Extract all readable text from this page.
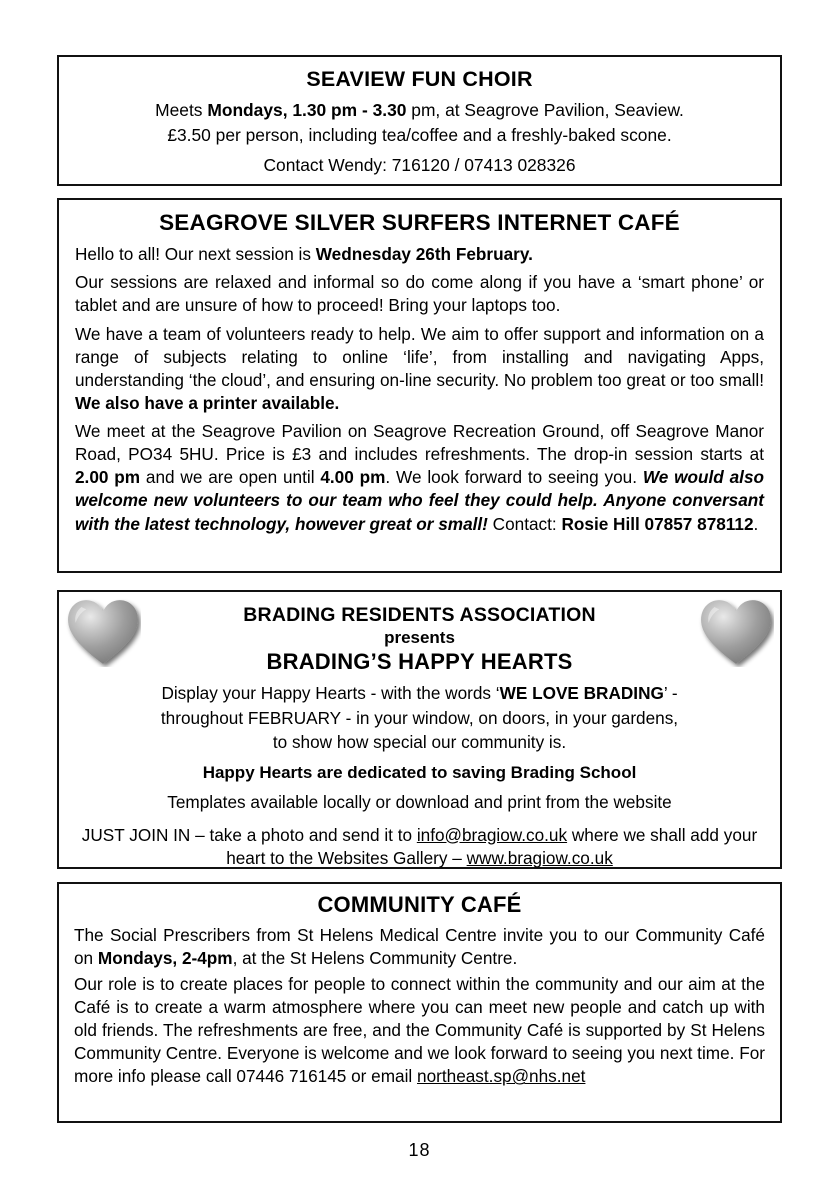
SEAVIEW FUN CHOIR

Meets Mondays, 1.30 pm - 3.30 pm, at Seagrove Pavilion, Seaview.

£3.50 per person, including tea/coffee and a freshly-baked scone.

Contact Wendy: 716120 / 07413 028326

SEAGROVE SILVER SURFERS INTERNET CAFÉ

Hello to all! Our next session is Wednesday 26th February.

Our sessions are relaxed and informal so do come along if you have a ‘smart phone’ or tablet and are unsure of how to proceed! Bring your laptops too.

We have a team of volunteers ready to help. We aim to offer support and information on a range of subjects relating to online ‘life’, from installing and navigating Apps, understanding ‘the cloud’, and ensuring on-line security. No problem too great or too small! We also have a printer available.

We meet at the Seagrove Pavilion on Seagrove Recreation Ground, off Seagrove Manor Road, PO34 5HU. Price is £3 and includes refreshments. The drop-in session starts at 2.00 pm and we are open until 4.00 pm. We look forward to seeing you. We would also welcome new volunteers to our team who feel they could help. Anyone conversant with the latest technology, however great or small! Contact: Rosie Hill 07857 878112.

BRADING RESIDENTS ASSOCIATION

presents

BRADING’S HAPPY HEARTS

Display your Happy Hearts - with the words ‘WE LOVE BRADING’ -

throughout FEBRUARY - in your window, on doors, in your gardens,

to show how special our community is.

Happy Hearts are dedicated to saving Brading School

Templates available locally or download and print from the website

JUST JOIN IN – take a photo and send it to info@bragiow.co.uk where we shall add your heart to the Websites Gallery – www.bragiow.co.uk

COMMUNITY CAFÉ

The Social Prescribers from St Helens Medical Centre invite you to our Community Café on Mondays, 2-4pm, at the St Helens Community Centre.

Our role is to create places for people to connect within the community and our aim at the Café is to create a warm atmosphere where you can meet new people and catch up with old friends. The refreshments are free, and the Community Café is supported by St Helens Community Centre. Everyone is welcome and we look forward to seeing you next time. For more info please call 07446 716145 or email northeast.sp@nhs.net

18
